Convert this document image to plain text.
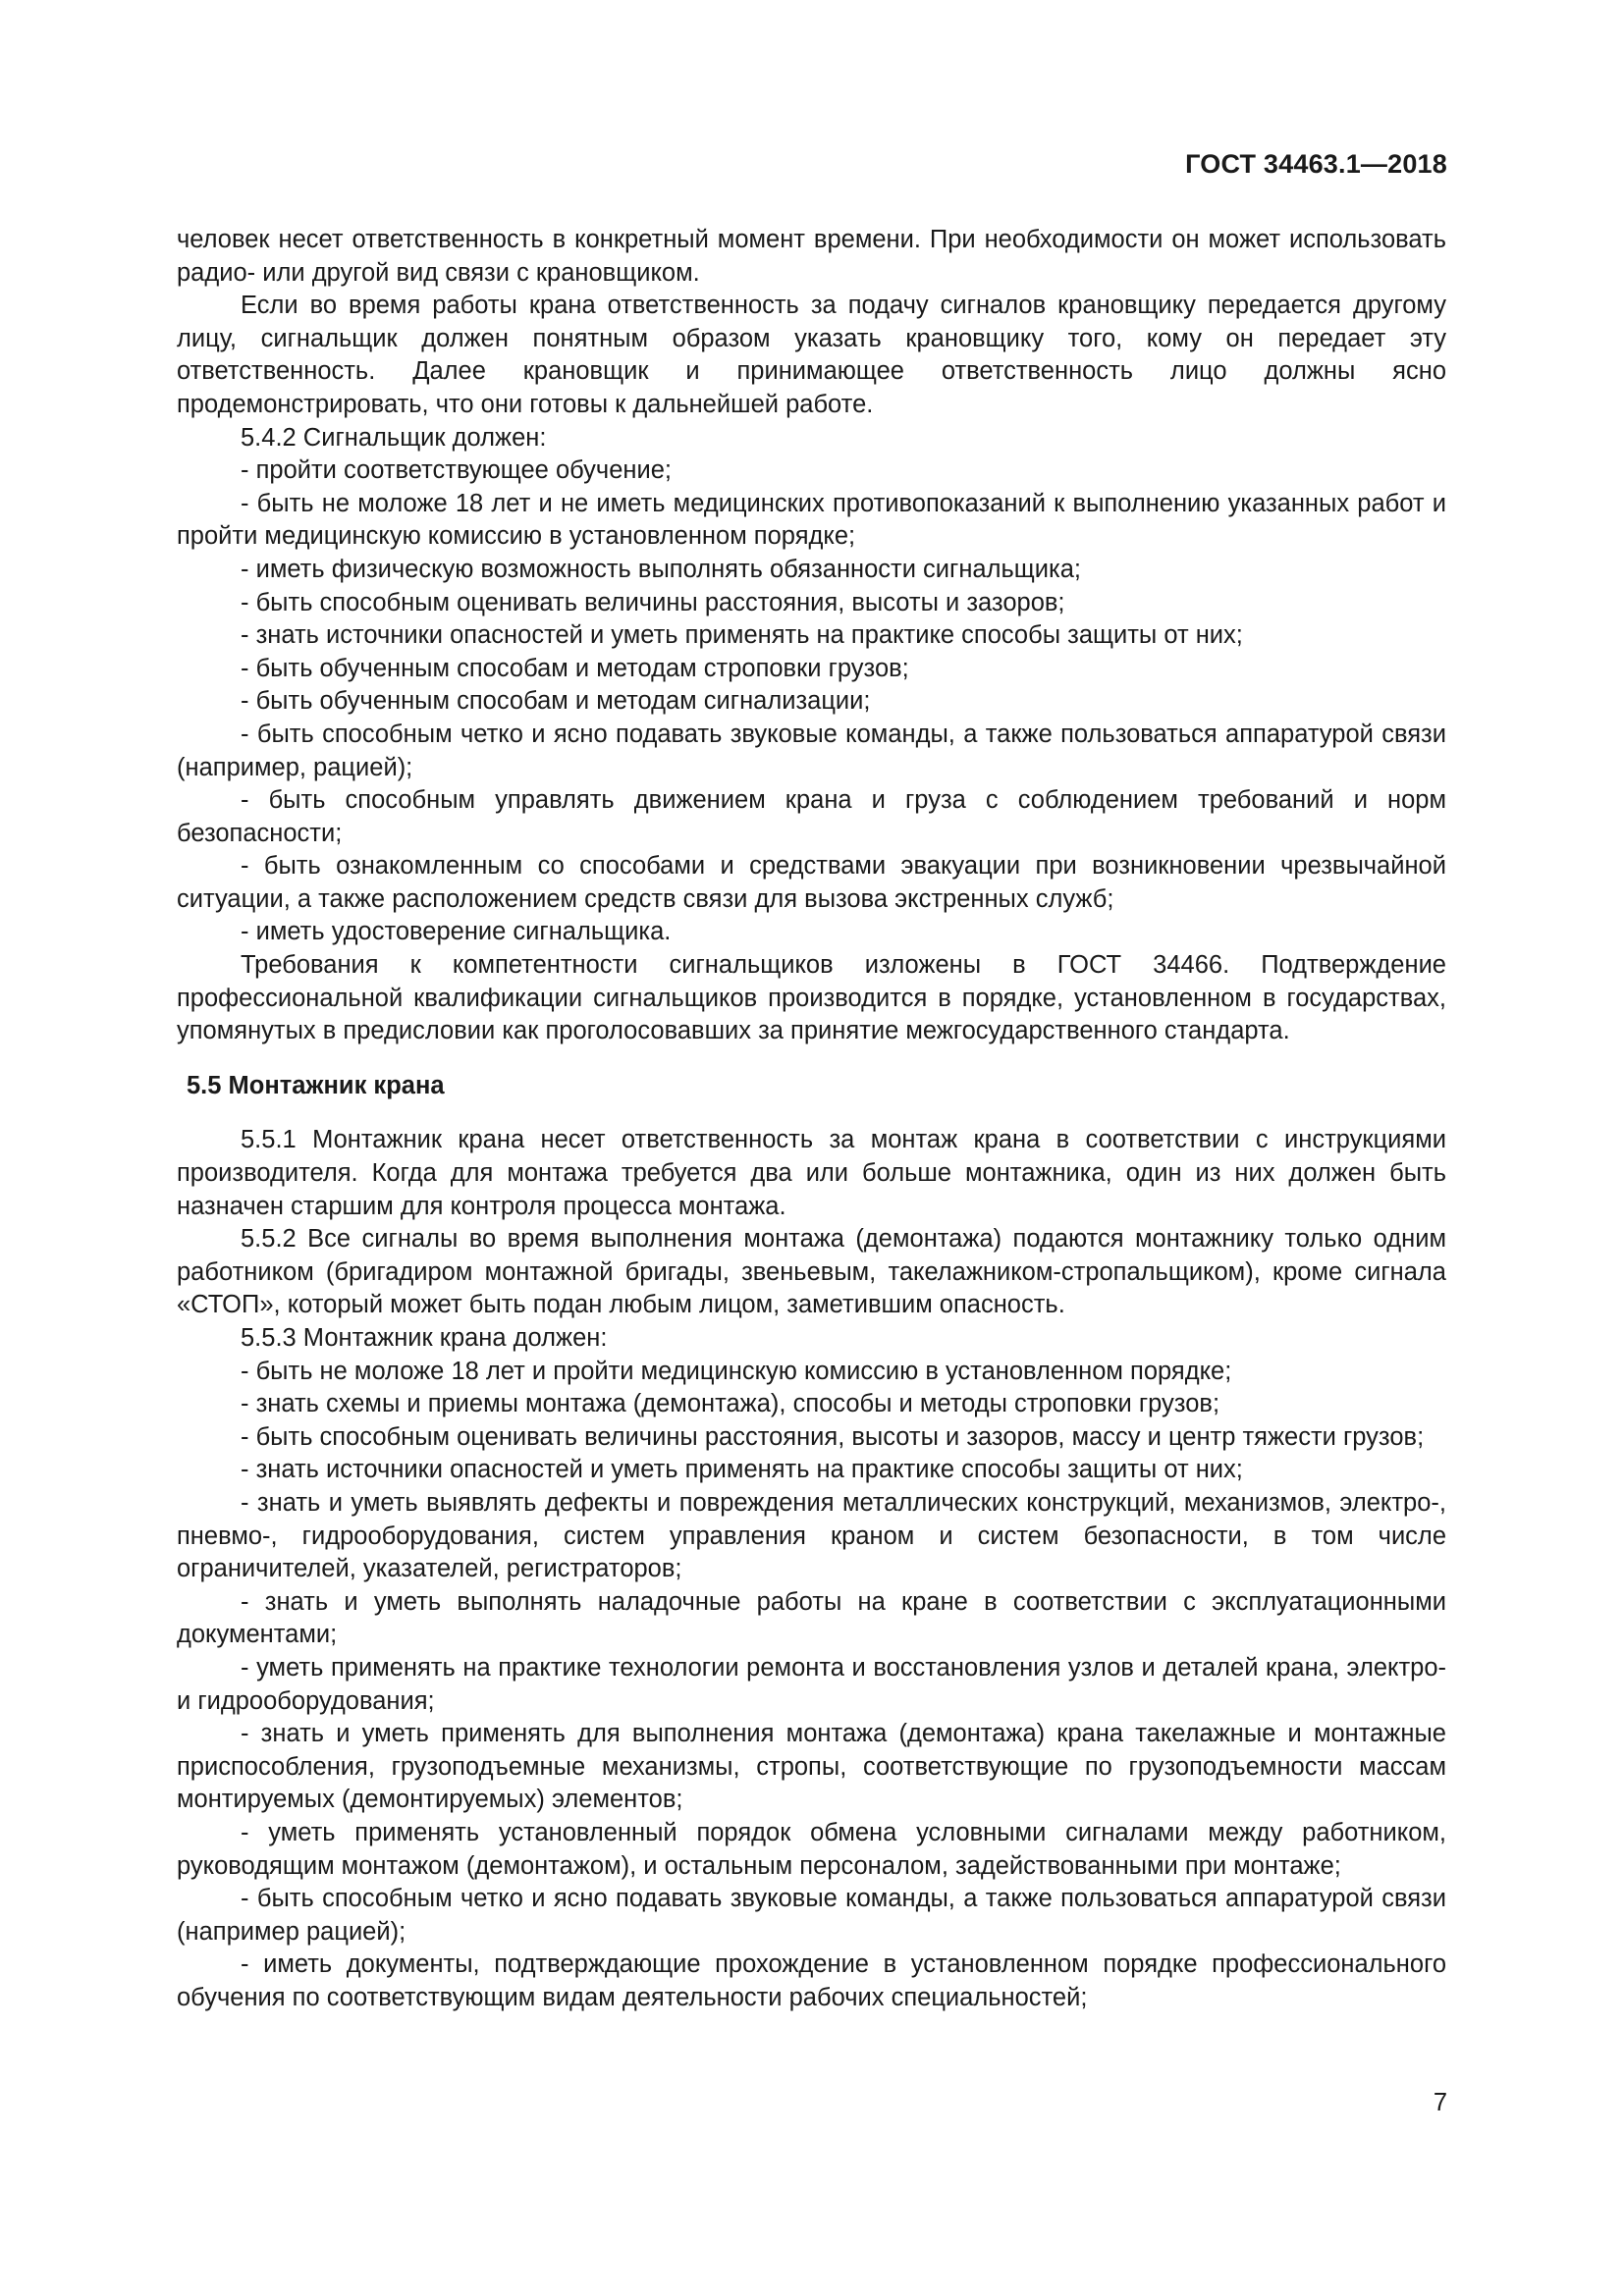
ГОСТ 34463.1—2018

человек несет ответственность в конкретный момент времени. При необходимости он может использовать радио- или другой вид связи с крановщиком.

Если во время работы крана ответственность за подачу сигналов крановщику передается другому лицу, сигнальщик должен понятным образом указать крановщику того, кому он передает эту ответственность. Далее крановщик и принимающее ответственность лицо должны ясно продемонстрировать, что они готовы к дальнейшей работе.

5.4.2 Сигнальщик должен:

- пройти соответствующее обучение;

- быть не моложе 18 лет и не иметь медицинских противопоказаний к выполнению указанных работ и пройти медицинскую комиссию в установленном порядке;

- иметь физическую возможность выполнять обязанности сигнальщика;

- быть способным оценивать величины расстояния, высоты и зазоров;

- знать источники опасностей и уметь применять на практике способы защиты от них;

- быть обученным способам и методам строповки грузов;

- быть обученным способам и методам сигнализации;

- быть способным четко и ясно подавать звуковые команды, а также пользоваться аппаратурой связи (например, рацией);

- быть способным управлять движением крана и груза с соблюдением требований и норм безопасности;

- быть ознакомленным со способами и средствами эвакуации при возникновении чрезвычайной ситуации, а также расположением средств связи для вызова экстренных служб;

- иметь удостоверение сигнальщика.

Требования к компетентности сигнальщиков изложены в ГОСТ 34466. Подтверждение профессиональной квалификации сигнальщиков производится в порядке, установленном в государствах, упомянутых в предисловии как проголосовавших за принятие межгосударственного стандарта.

5.5 Монтажник крана

5.5.1 Монтажник крана несет ответственность за монтаж крана в соответствии с инструкциями производителя. Когда для монтажа требуется два или больше монтажника, один из них должен быть назначен старшим для контроля процесса монтажа.

5.5.2 Все сигналы во время выполнения монтажа (демонтажа) подаются монтажнику только одним работником (бригадиром монтажной бригады, звеньевым, такелажником-стропальщиком), кроме сигнала «СТОП», который может быть подан любым лицом, заметившим опасность.

5.5.3 Монтажник крана должен:

- быть не моложе 18 лет и пройти медицинскую комиссию в установленном порядке;

- знать схемы и приемы монтажа (демонтажа), способы и методы строповки грузов;

- быть способным оценивать величины расстояния, высоты и зазоров, массу и центр тяжести грузов;

- знать источники опасностей и уметь применять на практике способы защиты от них;

- знать и уметь выявлять дефекты и повреждения металлических конструкций, механизмов, электро-, пневмо-, гидрооборудования, систем управления краном и систем безопасности, в том числе ограничителей, указателей, регистраторов;

- знать и уметь выполнять наладочные работы на кране в соответствии с эксплуатационными документами;

- уметь применять на практике технологии ремонта и восстановления узлов и деталей крана, электро- и гидрооборудования;

- знать и уметь применять для выполнения монтажа (демонтажа) крана такелажные и монтажные приспособления, грузоподъемные механизмы, стропы, соответствующие по грузоподъемности массам монтируемых (демонтируемых) элементов;

- уметь применять установленный порядок обмена условными сигналами между работником, руководящим монтажом (демонтажом), и остальным персоналом, задействованными при монтаже;

- быть способным четко и ясно подавать звуковые команды, а также пользоваться аппаратурой связи (например рацией);

- иметь документы, подтверждающие прохождение в установленном порядке профессионального обучения по соответствующим видам деятельности рабочих специальностей;

7
